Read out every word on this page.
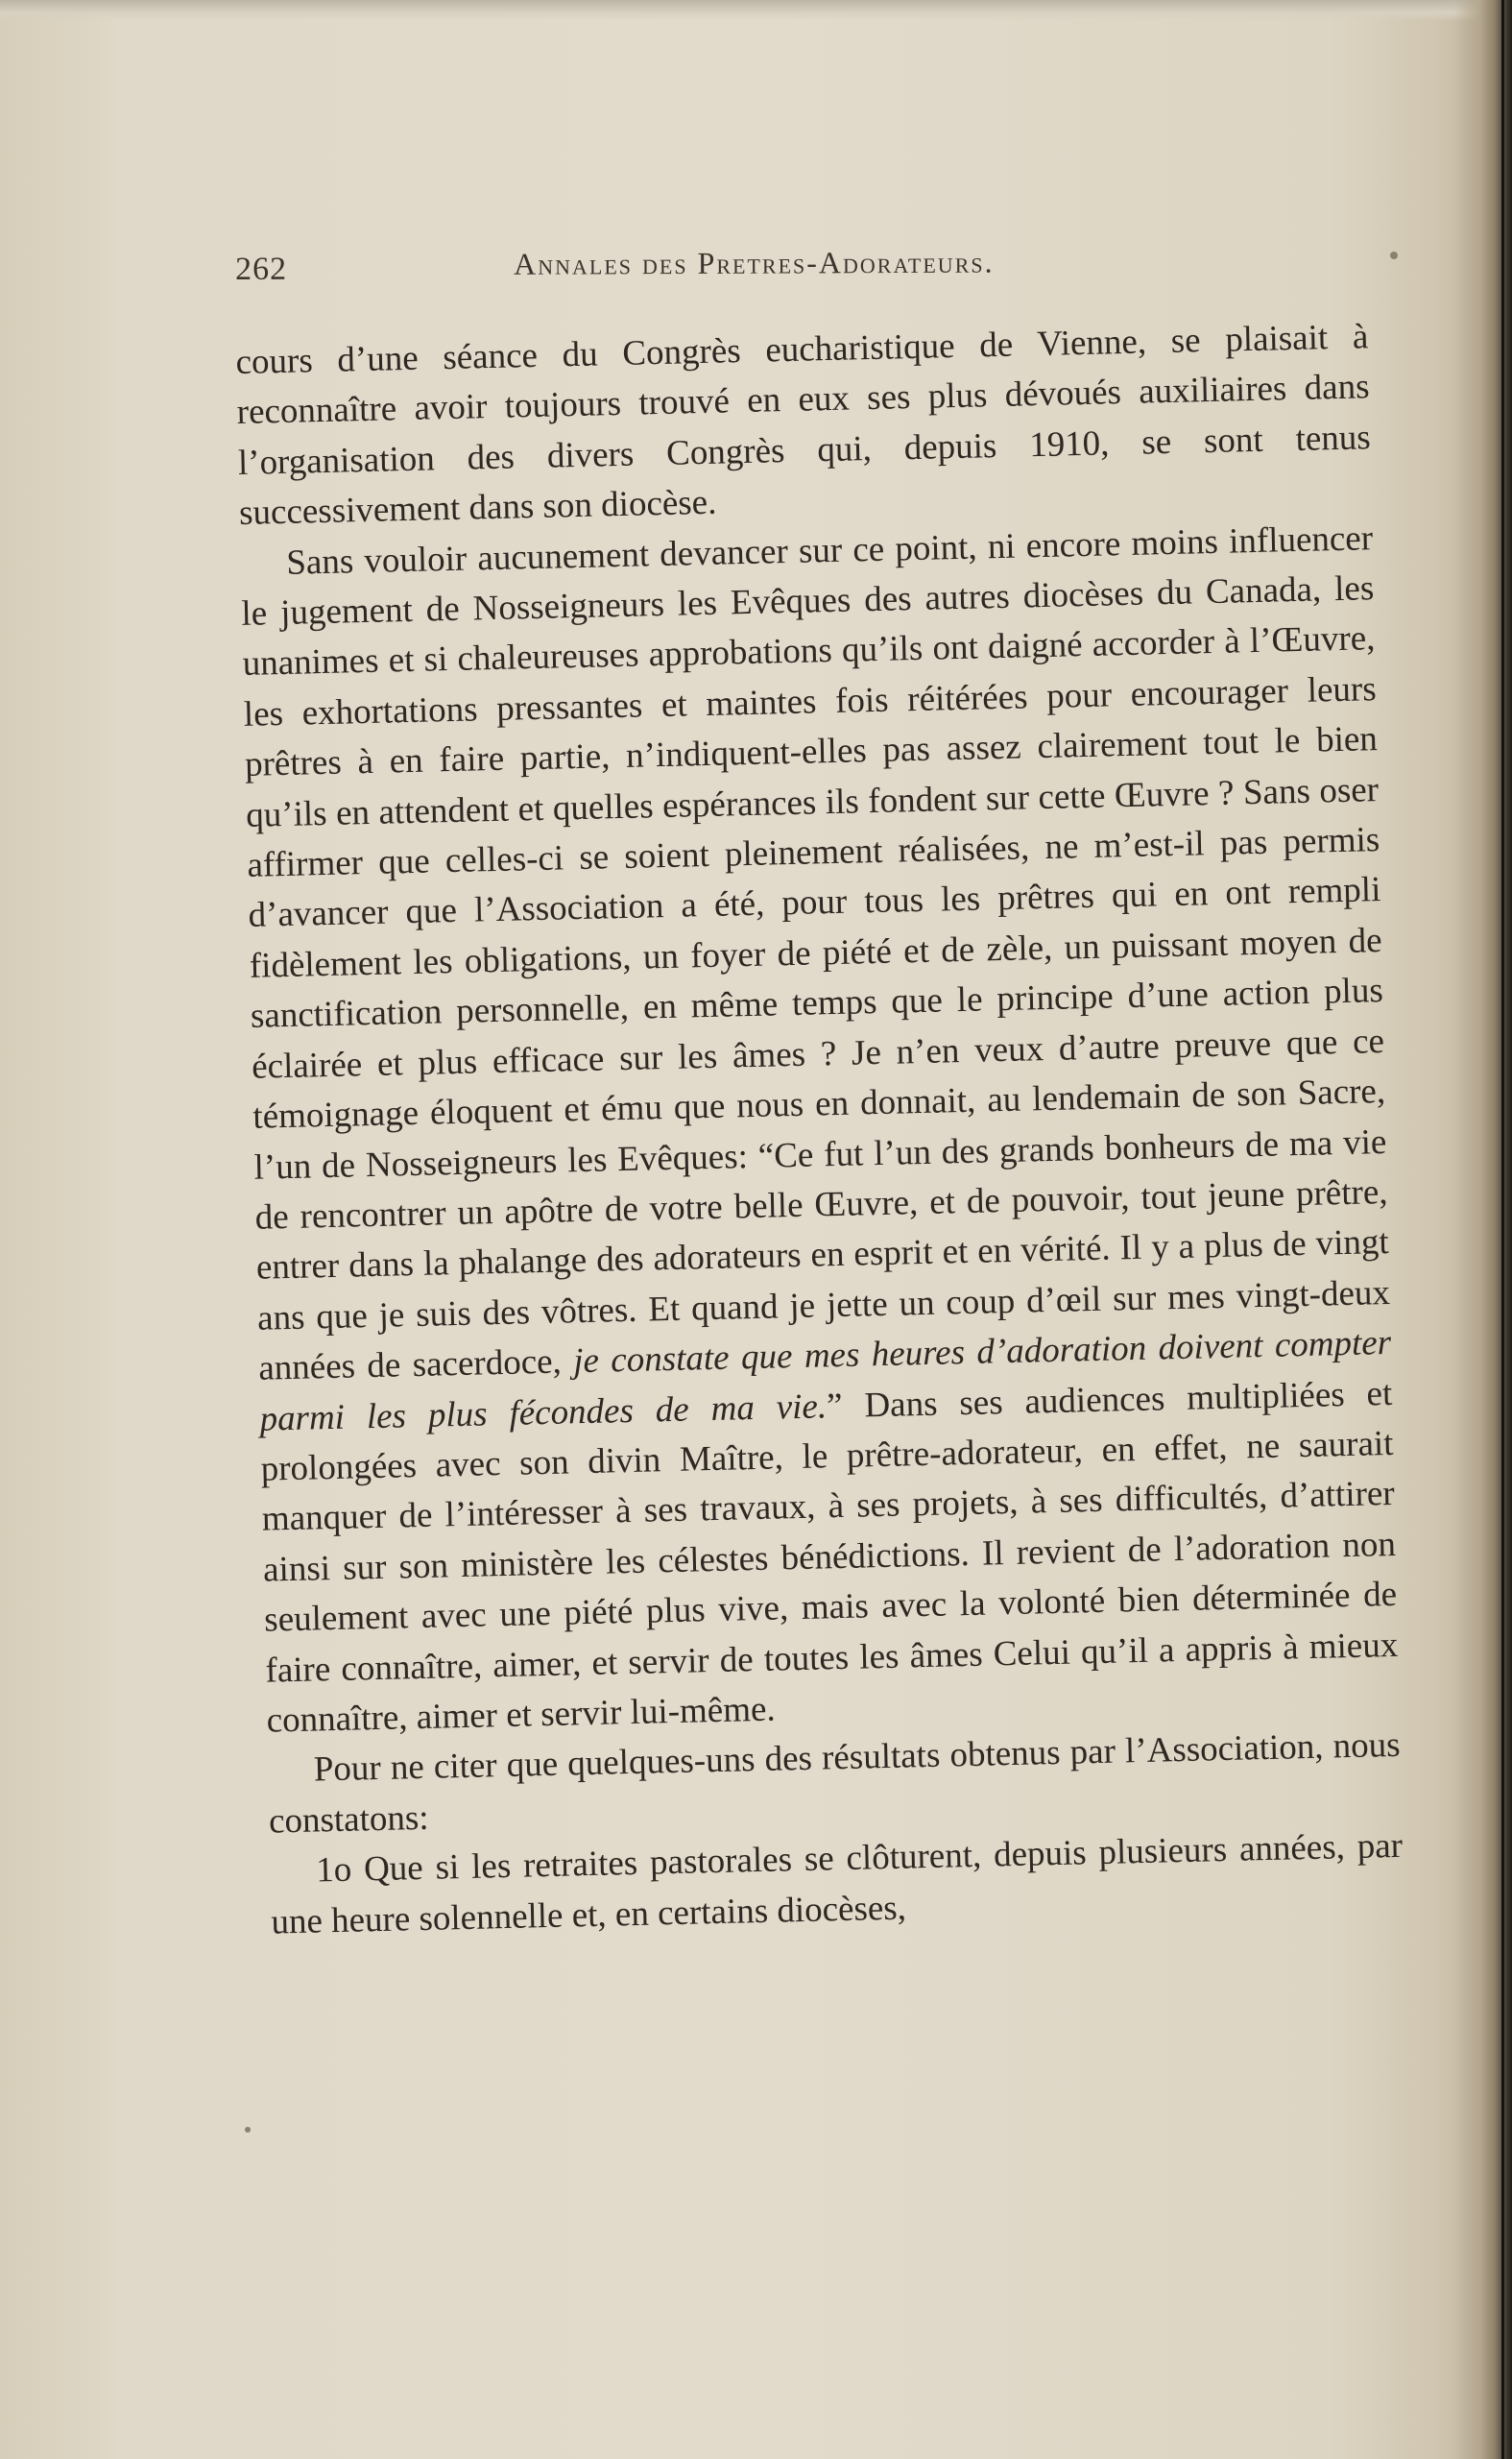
262	Annales des Pretres-Adorateurs.

cours d’une séance du Congrès eucharistique de Vienne, se plaisait à reconnaître avoir toujours trouvé en eux ses plus dévoués auxiliaires dans l’organisation des divers Congrès qui, depuis 1910, se sont tenus successivement dans son diocèse.

Sans vouloir aucunement devancer sur ce point, ni encore moins influencer le jugement de Nosseigneurs les Evêques des autres diocèses du Canada, les unanimes et si chaleureuses approbations qu’ils ont daigné accorder à l’Œuvre, les exhortations pressantes et maintes fois réitérées pour encourager leurs prêtres à en faire partie, n’indiquent-elles pas assez clairement tout le bien qu’ils en attendent et quelles espérances ils fondent sur cette Œuvre ? Sans oser affirmer que celles-ci se soient pleinement réalisées, ne m’est-il pas permis d’avancer que l’Association a été, pour tous les prêtres qui en ont rempli fidèlement les obligations, un foyer de piété et de zèle, un puissant moyen de sanctification personnelle, en même temps que le principe d’une action plus éclairée et plus efficace sur les âmes ? Je n’en veux d’autre preuve que ce témoignage éloquent et ému que nous en donnait, au lendemain de son Sacre, l’un de Nosseigneurs les Evêques: “Ce fut l’un des grands bonheurs de ma vie de rencontrer un apôtre de votre belle Œuvre, et de pouvoir, tout jeune prêtre, entrer dans la phalange des adorateurs en esprit et en vérité. Il y a plus de vingt ans que je suis des vôtres. Et quand je jette un coup d’œil sur mes vingt-deux années de sacerdoce, je constate que mes heures d’adoration doivent compter parmi les plus fécondes de ma vie.” Dans ses audiences multipliées et prolongées avec son divin Maître, le prêtre-adorateur, en effet, ne saurait manquer de l’intéresser à ses travaux, à ses projets, à ses difficultés, d’attirer ainsi sur son ministère les célestes bénédictions. Il revient de l’adoration non seulement avec une piété plus vive, mais avec la volonté bien déterminée de faire connaître, aimer, et servir de toutes les âmes Celui qu’il a appris à mieux connaître, aimer et servir lui-même.

Pour ne citer que quelques-uns des résultats obtenus par l’Association, nous constatons:

1o Que si les retraites pastorales se clôturent, depuis plusieurs années, par une heure solennelle et, en certains diocèses,
